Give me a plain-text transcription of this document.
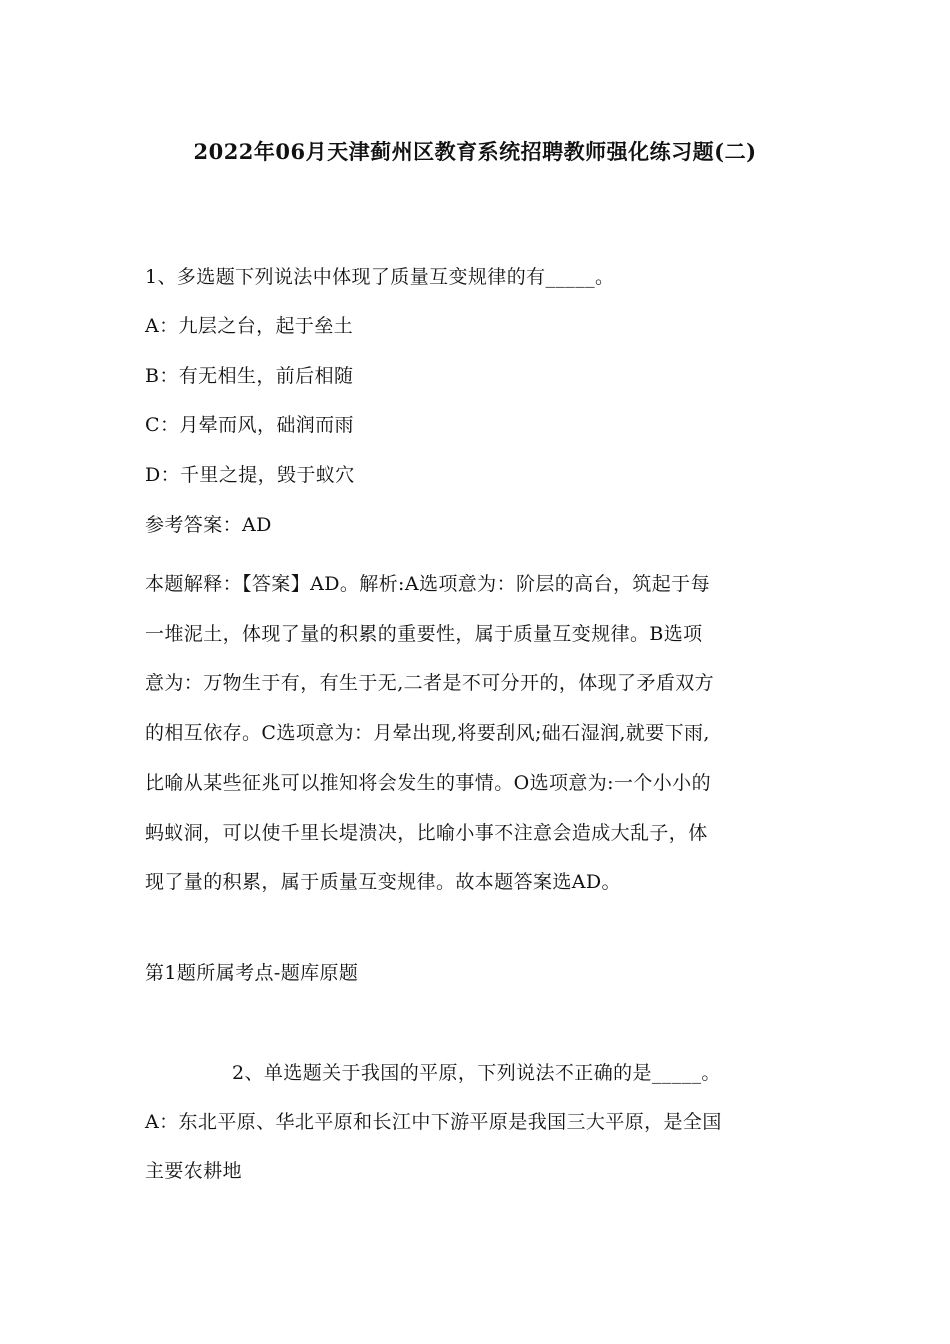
2022年06月天津蓟州区教育系统招聘教师强化练习题(二)
1、多选题下列说法中体现了质量互变规律的有_____。
A：九层之台，起于垒土
B：有无相生，前后相随
C：月晕而风，础润而雨
D：千里之提，毁于蚁穴
参考答案：AD
本题解释：【答案】AD。解析:A选项意为：阶层的高台，筑起于每
一堆泥土，体现了量的积累的重要性，属于质量互变规律。B选项
意为：万物生于有，有生于无,二者是不可分开的，体现了矛盾双方
的相互依存。C选项意为：月晕出现,将要刮风;础石湿润,就要下雨,
比喻从某些征兆可以推知将会发生的事情。O选项意为:一个小小的
蚂蚁洞，可以使千里长堤溃决，比喻小事不注意会造成大乱子，体
现了量的积累，属于质量互变规律。故本题答案选AD。
第1题所属考点-题库原题
2、单选题关于我国的平原，下列说法不正确的是_____。
A：东北平原、华北平原和长江中下游平原是我国三大平原，是全国
主要农耕地
